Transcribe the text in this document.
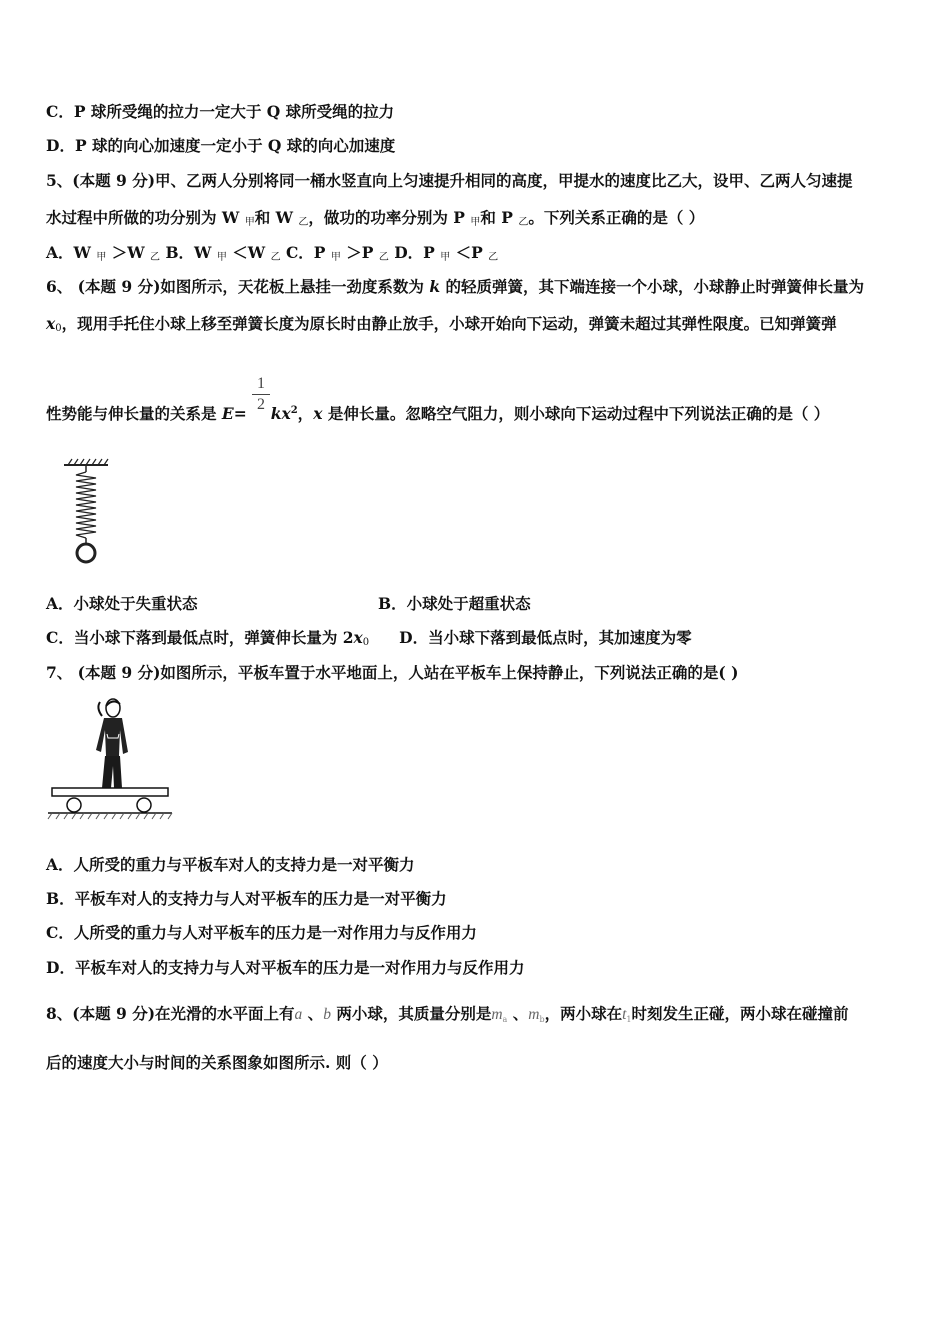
C．P 球所受绳的拉力一定大于 Q 球所受绳的拉力
D．P 球的向心加速度一定小于 Q 球的向心加速度
5、(本题 9 分)甲、乙两人分别将同一桶水竖直向上匀速提升相同的高度，甲提水的速度比乙大，设甲、乙两人匀速提
水过程中所做的功分别为 W $_甲$和 W $_乙$，做功的功率分别为 P $_甲$和 P $_乙$。下列关系正确的是（ ）
A．W $_甲$ ＞W $_乙$ B．W $_甲$ ＜W $_乙$ C．P $_甲$ ＞P $_乙$ D．P $_甲$ ＜P $_乙$
6、 (本题 9 分)如图所示，天花板上悬挂一劲度系数为 k 的轻质弹簧，其下端连接一个小球，小球静止时弹簧伸长量为
$x_0$，现用手托住小球上移至弹簧长度为原长时由静止放手，小球开始向下运动，弹簧未超过其弹性限度。已知弹簧弹
1
2
性势能与伸长量的关系是 $E= kx^2$，x 是伸长量。忽略空气阻力，则小球向下运动过程中下列说法正确的是（ ）
A．小球处于失重状态	B．小球处于超重状态
C．当小球下落到最低点时，弹簧伸长量为 $2x_0$ D．当小球下落到最低点时，其加速度为零
7、 (本题 9 分)如图所示，平板车置于水平地面上，人站在平板车上保持静止，下列说法正确的是( )
A．人所受的重力与平板车对人的支持力是一对平衡力
B．平板车对人的支持力与人对平板车的压力是一对平衡力
C．人所受的重力与人对平板车的压力是一对作用力与反作用力
D．平板车对人的支持力与人对平板车的压力是一对作用力与反作用力
8、(本题 9 分)在光滑的水平面上有a 、b 两小球，其质量分别是ma 、mb，两小球在t1时刻发生正碰，两小球在碰撞前
后的速度大小与时间的关系图象如图所示. 则（ ）
